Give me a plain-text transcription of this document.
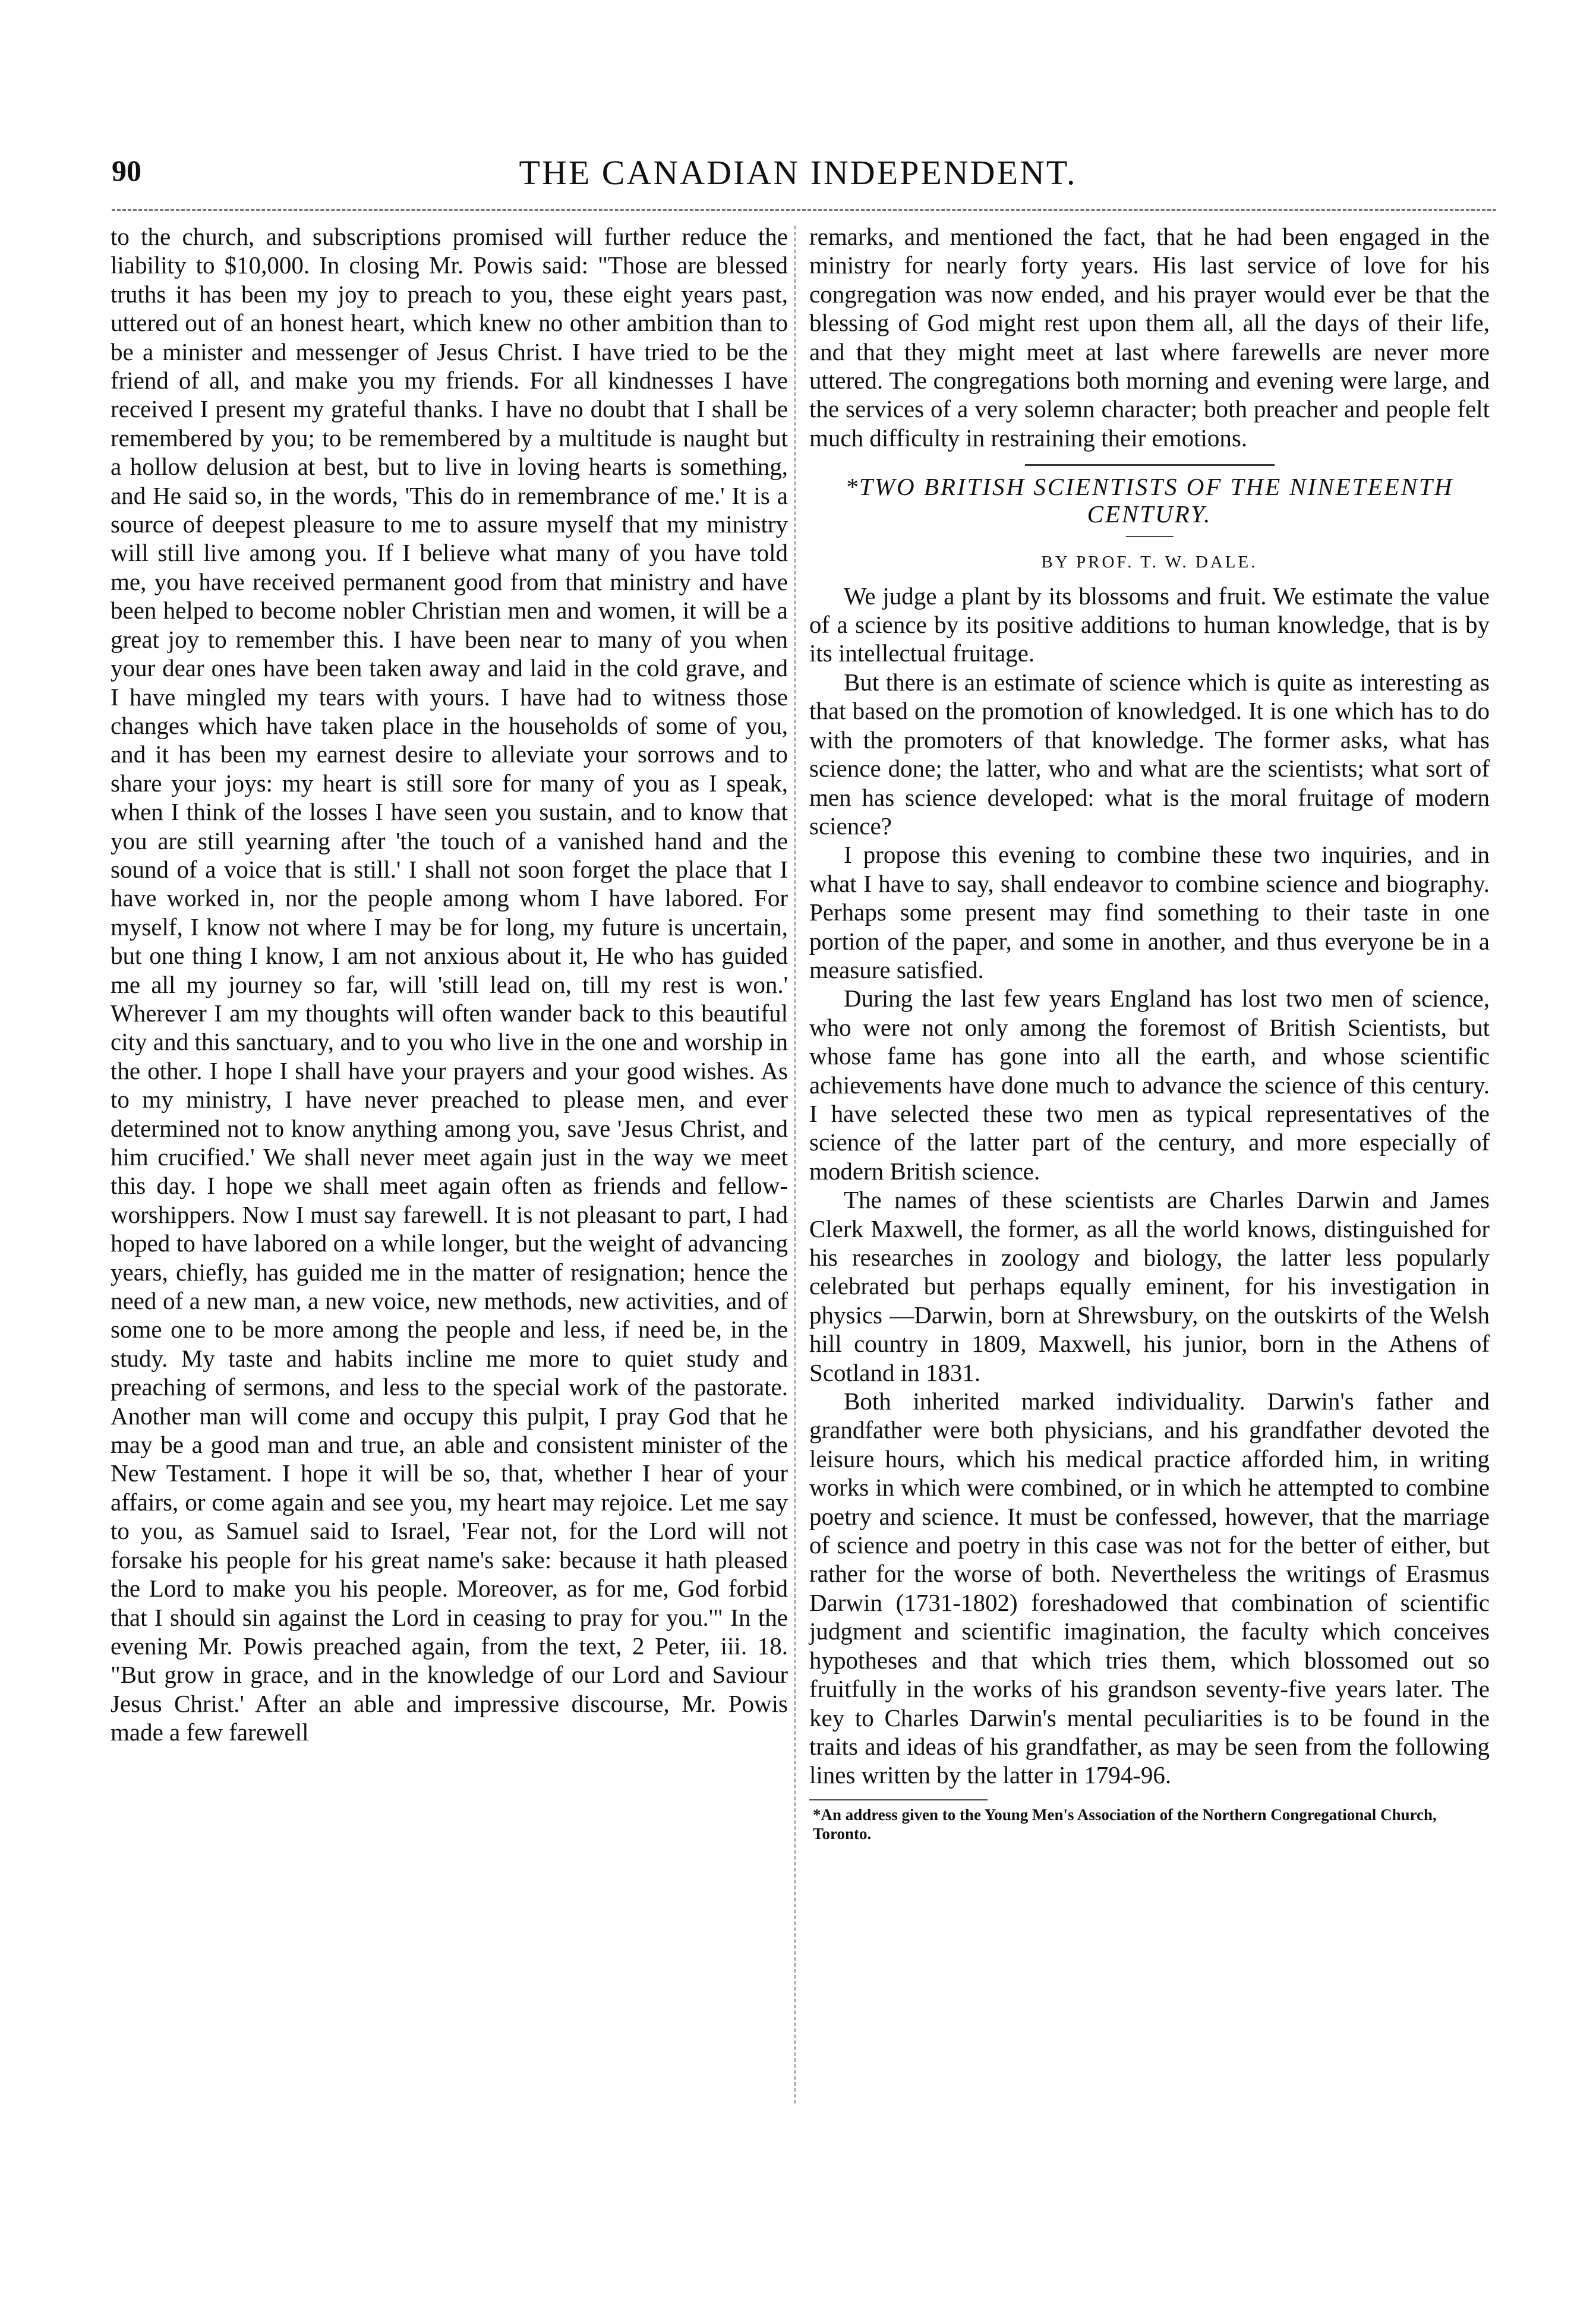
90	THE CANADIAN INDEPENDENT.

to the church, and subscriptions promised will further reduce the liability to $10,000. In closing Mr. Powis said: "Those are blessed truths it has been my joy to preach to you, these eight years past, uttered out of an honest heart, which knew no other ambition than to be a minister and messenger of Jesus Christ. I have tried to be the friend of all, and make you my friends. For all kindnesses I have received I present my grateful thanks. I have no doubt that I shall be remembered by you; to be remembered by a multitude is naught but a hollow delusion at best, but to live in loving hearts is something, and He said so, in the words, 'This do in remembrance of me.' It is a source of deepest pleasure to me to assure myself that my ministry will still live among you. If I believe what many of you have told me, you have received permanent good from that ministry and have been helped to become nobler Christian men and women, it will be a great joy to remember this. I have been near to many of you when your dear ones have been taken away and laid in the cold grave, and I have mingled my tears with yours. I have had to witness those changes which have taken place in the households of some of you, and it has been my earnest desire to alleviate your sorrows and to share your joys: my heart is still sore for many of you as I speak, when I think of the losses I have seen you sustain, and to know that you are still yearning after 'the touch of a vanished hand and the sound of a voice that is still.' I shall not soon forget the place that I have worked in, nor the people among whom I have labored. For myself, I know not where I may be for long, my future is uncertain, but one thing I know, I am not anxious about it, He who has guided me all my journey so far, will 'still lead on, till my rest is won.' Wherever I am my thoughts will often wander back to this beautiful city and this sanctuary, and to you who live in the one and worship in the other. I hope I shall have your prayers and your good wishes. As to my ministry, I have never preached to please men, and ever determined not to know anything among you, save 'Jesus Christ, and him crucified.' We shall never meet again just in the way we meet this day. I hope we shall meet again often as friends and fellow-worshippers. Now I must say farewell. It is not pleasant to part, I had hoped to have labored on a while longer, but the weight of advancing years, chiefly, has guided me in the matter of resignation; hence the need of a new man, a new voice, new methods, new activities, and of some one to be more among the people and less, if need be, in the study. My taste and habits incline me more to quiet study and preaching of sermons, and less to the special work of the pastorate. Another man will come and occupy this pulpit, I pray God that he may be a good man and true, an able and consistent minister of the New Testament. I hope it will be so, that, whether I hear of your affairs, or come again and see you, my heart may rejoice. Let me say to you, as Samuel said to Israel, 'Fear not, for the Lord will not forsake his people for his great name's sake: because it hath pleased the Lord to make you his people. Moreover, as for me, God forbid that I should sin against the Lord in ceasing to pray for you.'" In the evening Mr. Powis preached again, from the text, 2 Peter, iii. 18. "But grow in grace, and in the knowledge of our Lord and Saviour Jesus Christ.' After an able and impressive discourse, Mr. Powis made a few farewell

remarks, and mentioned the fact, that he had been engaged in the ministry for nearly forty years. His last service of love for his congregation was now ended, and his prayer would ever be that the blessing of God might rest upon them all, all the days of their life, and that they might meet at last where farewells are never more uttered. The congregations both morning and evening were large, and the services of a very solemn character; both preacher and people felt much difficulty in restraining their emotions.

*TWO BRITISH SCIENTISTS OF THE NINETEENTH CENTURY.

BY PROF. T. W. DALE.

We judge a plant by its blossoms and fruit. We estimate the value of a science by its positive additions to human knowledge, that is by its intellectual fruitage.

But there is an estimate of science which is quite as interesting as that based on the promotion of knowledged. It is one which has to do with the promoters of that knowledge. The former asks, what has science done; the latter, who and what are the scientists; what sort of men has science developed: what is the moral fruitage of modern science?

I propose this evening to combine these two inquiries, and in what I have to say, shall endeavor to combine science and biography. Perhaps some present may find something to their taste in one portion of the paper, and some in another, and thus everyone be in a measure satisfied.

During the last few years England has lost two men of science, who were not only among the foremost of British Scientists, but whose fame has gone into all the earth, and whose scientific achievements have done much to advance the science of this century. I have selected these two men as typical representatives of the science of the latter part of the century, and more especially of modern British science.

The names of these scientists are Charles Darwin and James Clerk Maxwell, the former, as all the world knows, distinguished for his researches in zoology and biology, the latter less popularly celebrated but perhaps equally eminent, for his investigation in physics —Darwin, born at Shrewsbury, on the outskirts of the Welsh hill country in 1809, Maxwell, his junior, born in the Athens of Scotland in 1831.

Both inherited marked individuality. Darwin's father and grandfather were both physicians, and his grandfather devoted the leisure hours, which his medical practice afforded him, in writing works in which were combined, or in which he attempted to combine poetry and science. It must be confessed, however, that the marriage of science and poetry in this case was not for the better of either, but rather for the worse of both. Nevertheless the writings of Erasmus Darwin (1731-1802) foreshadowed that combination of scientific judgment and scientific imagination, the faculty which conceives hypotheses and that which tries them, which blossomed out so fruitfully in the works of his grandson seventy-five years later. The key to Charles Darwin's mental peculiarities is to be found in the traits and ideas of his grandfather, as may be seen from the following lines written by the latter in 1794-96.

*An address given to the Young Men's Association of the Northern Congregational Church, Toronto.
